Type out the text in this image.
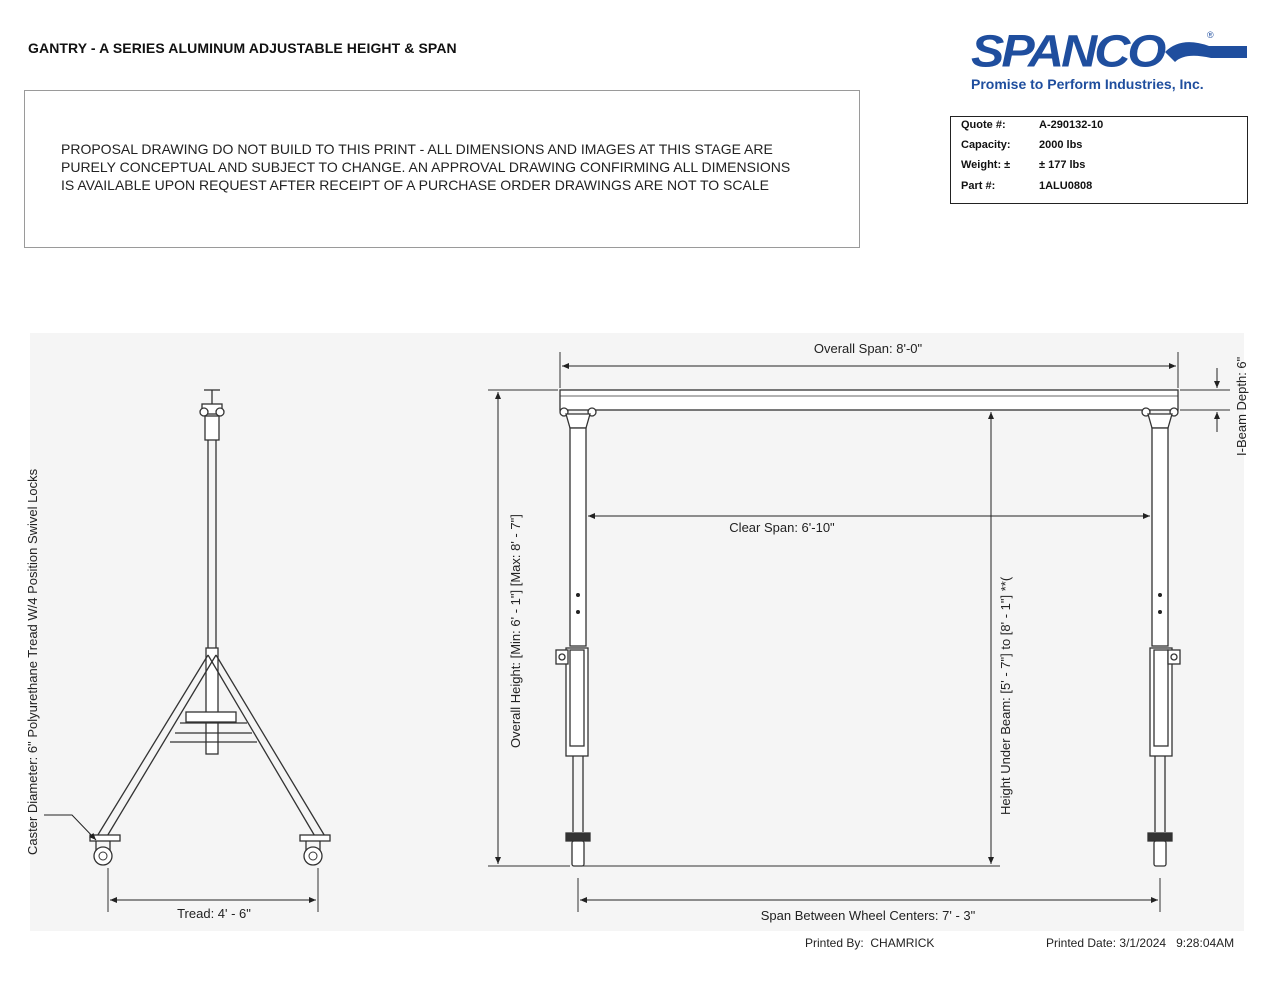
GANTRY - A SERIES ALUMINUM ADJUSTABLE HEIGHT & SPAN
PROPOSAL DRAWING DO NOT BUILD TO THIS PRINT - ALL DIMENSIONS AND IMAGES AT THIS STAGE ARE
PURELY CONCEPTUAL AND SUBJECT TO CHANGE. AN APPROVAL DRAWING CONFIRMING ALL DIMENSIONS
IS AVAILABLE UPON REQUEST AFTER RECEIPT OF A PURCHASE ORDER DRAWINGS ARE NOT TO SCALE
SPANCO	®
Promise to Perform Industries, Inc.
Quote #:	A-290132-10
Capacity:	2000 lbs
Weight: ±	± 177 lbs
Part #:	1ALU0808
Tread: 4' - 6"
Caster Diameter: 6" Polyurethane Tread W/4 Position Swivel Locks
Overall Span: 8'-0"
I-Beam Depth: 6"
Clear Span: 6'-10"
Overall Height: [Min: 6' - 1"] [Max: 8' - 7"]	Height Under Beam: [5' - 7"] to [8' - 1"] **(
Span Between Wheel Centers: 7' - 3"
Printed By: CHAMRICK	Printed Date: 3/1/2024 9:28:04AM
